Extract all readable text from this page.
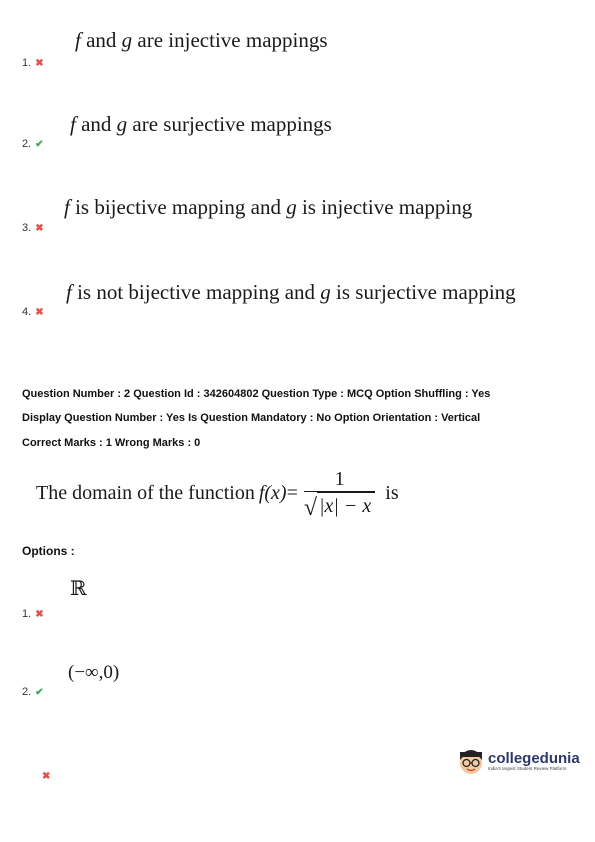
f and g are injective mappings
1. ✖
f and g are surjective mappings
2. ✔
f is bijective mapping and g is injective mapping
3. ✖
f is not bijective mapping and g is surjective mapping
4. ✖
Question Number : 2 Question Id : 342604802 Question Type : MCQ Option Shuffling : Yes
Display Question Number : Yes Is Question Mandatory : No Option Orientation : Vertical
Correct Marks : 1 Wrong Marks : 0
The domain of the function $f(x) = \frac{1}{√ |x| - x}$ is
Options :
ℝ
1. ✖
(−∞,0)
2. ✔
✖
collegedunia
India's largest Student Review Platform
